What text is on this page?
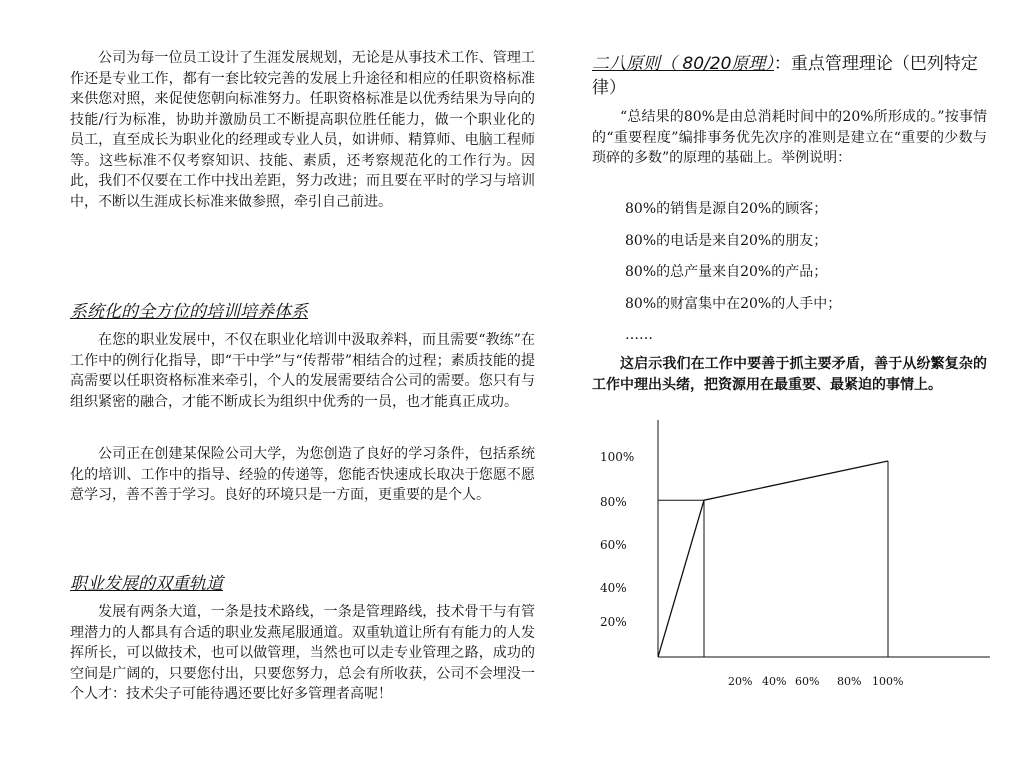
公司为每一位员工设计了生涯发展规划，无论是从事技术工作、管理工作还是专业工作，都有一套比较完善的发展上升途径和相应的任职资格标准来供您对照，来促使您朝向标准努力。任职资格标准是以优秀结果为导向的技能/行为标准，协助并激励员工不断提高职位胜任能力，做一个职业化的员工，直至成长为职业化的经理或专业人员，如讲师、精算师、电脑工程师等。这些标准不仅考察知识、技能、素质，还考察规范化的工作行为。因此，我们不仅要在工作中找出差距，努力改进；而且要在平时的学习与培训中，不断以生涯成长标准来做参照，牵引自己前进。

系统化的全方位的培训培养体系

在您的职业发展中，不仅在职业化培训中汲取养料，而且需要“教练”在工作中的例行化指导，即“干中学”与“传帮带”相结合的过程；素质技能的提高需要以任职资格标准来牵引，个人的发展需要结合公司的需要。您只有与组织紧密的融合，才能不断成长为组织中优秀的一员，也才能真正成功。

公司正在创建某保险公司大学，为您创造了良好的学习条件，包括系统化的培训、工作中的指导、经验的传递等，您能否快速成长取决于您愿不愿意学习，善不善于学习。良好的环境只是一方面，更重要的是个人。

职业发展的双重轨道

发展有两条大道，一条是技术路线，一条是管理路线，技术骨干与有管理潜力的人都具有合适的职业发燕尾服通道。双重轨道让所有有能力的人发挥所长，可以做技术，也可以做管理，当然也可以走专业管理之路，成功的空间是广阔的，只要您付出，只要您努力，总会有所收获，公司不会埋没一个人才：技术尖子可能待遇还要比好多管理者高呢！

二八原则（ 80/20原理）：重点管理理论（巴列特定律）

“总结果的80%是由总消耗时间中的20%所形成的。”按事情的“重要程度”编排事务优先次序的准则是建立在“重要的少数与琐碎的多数”的原理的基础上。举例说明：

80%的销售是源自20%的顾客；
80%的电话是来自20%的朋友；
80%的总产量来自20%的产品；
80%的财富集中在20%的人手中；
……

这启示我们在工作中要善于抓主要矛盾，善于从纷繁复杂的工作中理出头绪，把资源用在最重要、最紧迫的事情上。

100%
80%
60%
40%
20%
20% 40% 60% 80% 100%
